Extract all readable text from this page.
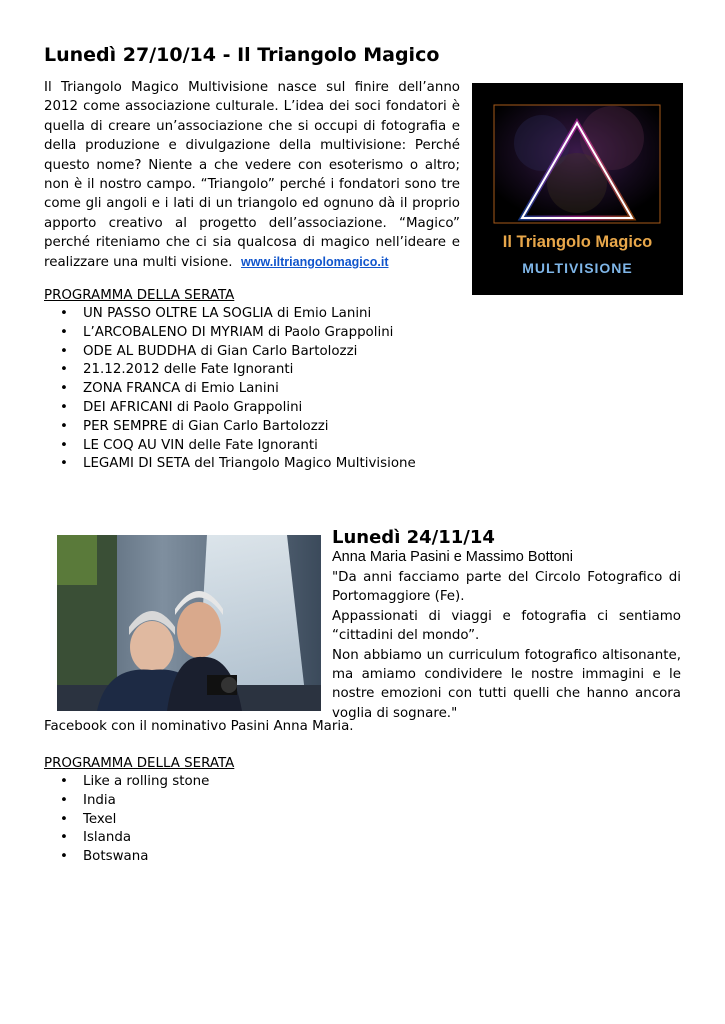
Lunedì 27/10/14 - Il Triangolo Magico
Il Triangolo Magico Multivisione nasce sul finire dell’anno
2012 come associazione culturale. L’idea dei soci fondatori è
quella di creare un’associazione che si occupi di fotografia e
della produzione e divulgazione della multivisione: Perché
questo nome? Niente a che vedere con esoterismo o altro;
non è il nostro campo. “Triangolo” perché i fondatori sono tre
come gli angoli e i lati di un triangolo ed ognuno dà il proprio
apporto creativo al progetto dell’associazione. “Magico”
perché riteniamo che ci sia qualcosa di magico nell’ideare e
realizzare una multi visione. www.iltriangolomagico.it
Il Triangolo Magico
MULTIVISIONE
PROGRAMMA DELLA SERATA
• UN PASSO OLTRE LA SOGLIA di Emio Lanini
• L’ARCOBALENO DI MYRIAM di Paolo Grappolini
• ODE AL BUDDHA di Gian Carlo Bartolozzi
• 21.12.2012 delle Fate Ignoranti
• ZONA FRANCA di Emio Lanini
• DEI AFRICANI di Paolo Grappolini
• PER SEMPRE di Gian Carlo Bartolozzi
• LE COQ AU VIN delle Fate Ignoranti
• LEGAMI DI SETA del Triangolo Magico Multivisione
Lunedì 24/11/14
Anna Maria Pasini e Massimo Bottoni
"Da anni facciamo parte del Circolo Fotografico di
Portomaggiore (Fe).
Appassionati di viaggi e fotografia ci sentiamo
“cittadini del mondo”.
Non abbiamo un curriculum fotografico altisonante,
ma amiamo condividere le nostre immagini e le
nostre emozioni con tutti quelli che hanno ancora
voglia di sognare."
Facebook con il nominativo Pasini Anna Maria.
PROGRAMMA DELLA SERATA
• Like a rolling stone
• India
• Texel
• Islanda
• Botswana
